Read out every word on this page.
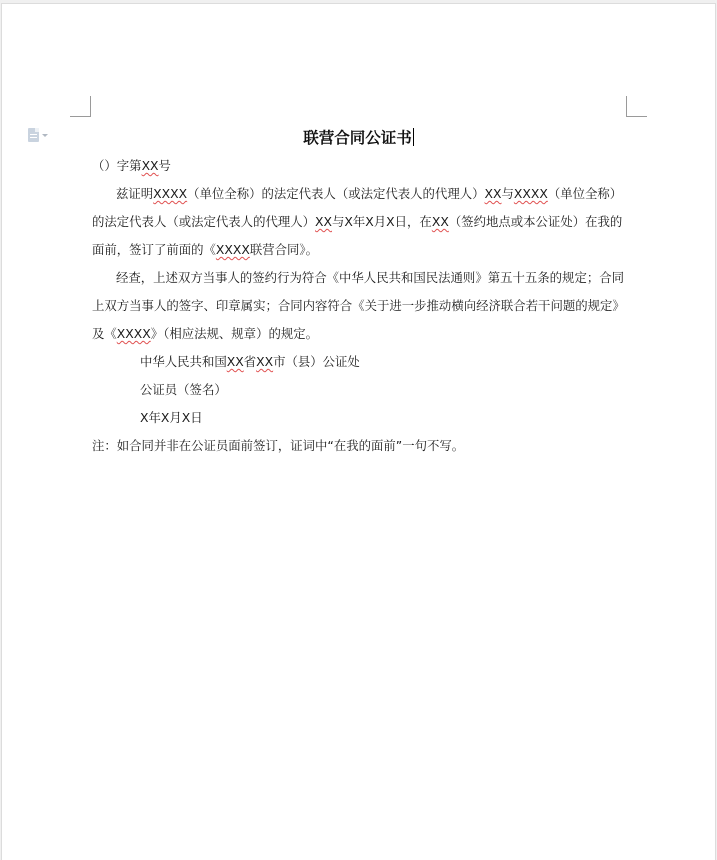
联营合同公证书
（）字第XX号
兹证明XXXX（单位全称）的法定代表人（或法定代表人的代理人）XX与XXXX（单位全称）
的法定代表人（或法定代表人的代理人）XX与X年X月X日，在XX（签约地点或本公证处）在我的
面前，签订了前面的《XXXX联营合同》。
经查，上述双方当事人的签约行为符合《中华人民共和国民法通则》第五十五条的规定；合同
上双方当事人的签字、印章属实；合同内容符合《关于进一步推动横向经济联合若干问题的规定》
及《XXXX》（相应法规、规章）的规定。
中华人民共和国XX省XX市（县）公证处
公证员（签名）
X年X月X日
注：如合同并非在公证员面前签订，证词中“在我的面前”一句不写。
